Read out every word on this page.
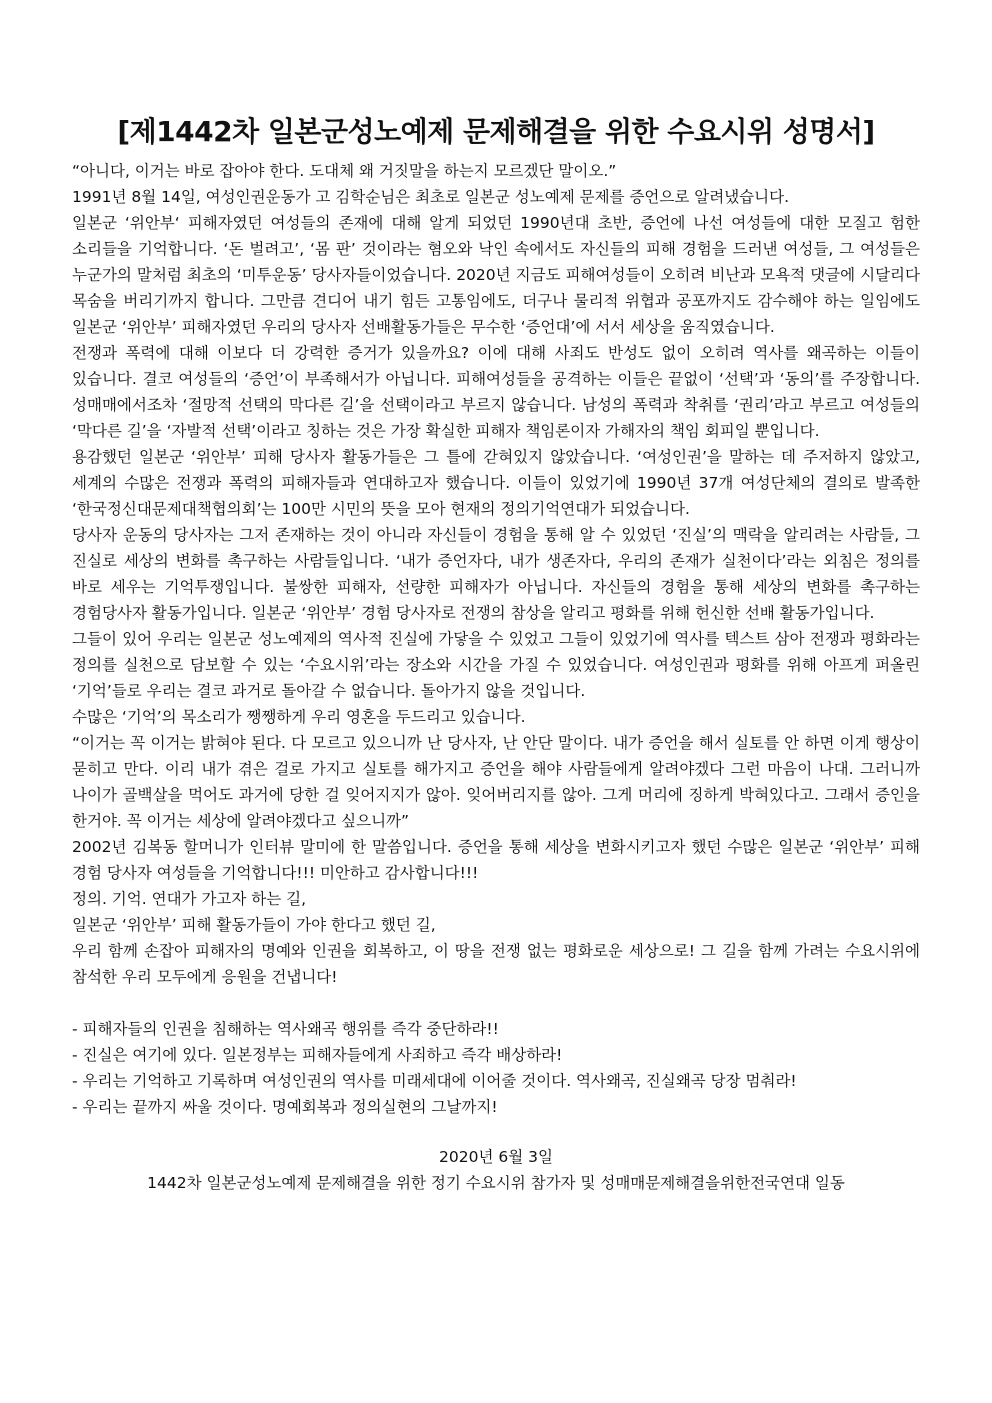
[제1442차 일본군성노예제 문제해결을 위한 수요시위 성명서]

“아니다, 이거는 바로 잡아야 한다. 도대체 왜 거짓말을 하는지 모르겠단 말이오.”

1991년 8월 14일, 여성인권운동가 고 김학순님은 최초로 일본군 성노예제 문제를 증언으로 알려냈습니다.

일본군 ‘위안부‘ 피해자였던 여성들의 존재에 대해 알게 되었던 1990년대 초반, 증언에 나선 여성들에 대한 모질고 험한 소리들을 기억합니다. ‘돈 벌려고’, ‘몸 판’ 것이라는 혐오와 낙인 속에서도 자신들의 피해 경험을 드러낸 여성들, 그 여성들은 누군가의 말처럼 최초의 ‘미투운동’ 당사자들이었습니다. 2020년 지금도 피해여성들이 오히려 비난과 모욕적 댓글에 시달리다 목숨을 버리기까지 합니다. 그만큼 견디어 내기 힘든 고통임에도, 더구나 물리적 위협과 공포까지도 감수해야 하는 일임에도 일본군 ‘위안부’ 피해자였던 우리의 당사자 선배활동가들은 무수한 ‘증언대’에 서서 세상을 움직였습니다.

전쟁과 폭력에 대해 이보다 더 강력한 증거가 있을까요? 이에 대해 사죄도 반성도 없이 오히려 역사를 왜곡하는 이들이 있습니다. 결코 여성들의 ‘증언’이 부족해서가 아닙니다. 피해여성들을 공격하는 이들은 끝없이 ‘선택’과 ‘동의’를 주장합니다. 성매매에서조차 ‘절망적 선택의 막다른 길’을 선택이라고 부르지 않습니다. 남성의 폭력과 착취를 ‘권리’라고 부르고 여성들의 ‘막다른 길’을 ‘자발적 선택’이라고 칭하는 것은 가장 확실한 피해자 책임론이자 가해자의 책임 회피일 뿐입니다.

용감했던 일본군 ‘위안부’ 피해 당사자 활동가들은 그 틀에 갇혀있지 않았습니다. ‘여성인권’을 말하는 데 주저하지 않았고, 세계의 수많은 전쟁과 폭력의 피해자들과 연대하고자 했습니다. 이들이 있었기에 1990년 37개 여성단체의 결의로 발족한 ‘한국정신대문제대책협의회’는 100만 시민의 뜻을 모아 현재의 정의기억연대가 되었습니다.

당사자 운동의 당사자는 그저 존재하는 것이 아니라 자신들이 경험을 통해 알 수 있었던 ‘진실’의 맥락을 알리려는 사람들, 그 진실로 세상의 변화를 촉구하는 사람들입니다. ‘내가 증언자다, 내가 생존자다, 우리의 존재가 실천이다’라는 외침은 정의를 바로 세우는 기억투쟁입니다. 불쌍한 피해자, 선량한 피해자가 아닙니다. 자신들의 경험을 통해 세상의 변화를 촉구하는 경험당사자 활동가입니다. 일본군 ‘위안부’ 경험 당사자로 전쟁의 참상을 알리고 평화를 위해 헌신한 선배 활동가입니다.

그들이 있어 우리는 일본군 성노예제의 역사적 진실에 가닿을 수 있었고 그들이 있었기에 역사를 텍스트 삼아 전쟁과 평화라는 정의를 실천으로 담보할 수 있는 ‘수요시위’라는 장소와 시간을 가질 수 있었습니다. 여성인권과 평화를 위해 아프게 퍼올린 ‘기억’들로 우리는 결코 과거로 돌아갈 수 없습니다. 돌아가지 않을 것입니다.

수많은 ‘기억’의 목소리가 쨍쨍하게 우리 영혼을 두드리고 있습니다.

“이거는 꼭 이거는 밝혀야 된다. 다 모르고 있으니까 난 당사자, 난 안단 말이다. 내가 증언을 해서 실토를 안 하면 이게 행상이 묻히고 만다. 이리 내가 겪은 걸로 가지고 실토를 해가지고 증언을 해야 사람들에게 알려야겠다 그런 마음이 나대. 그러니까 나이가 골백살을 먹어도 과거에 당한 걸 잊어지지가 않아. 잊어버리지를 않아. 그게 머리에 징하게 박혀있다고. 그래서 증인을 한거야. 꼭 이거는 세상에 알려야겠다고 싶으니까”

2002년 김복동 할머니가 인터뷰 말미에 한 말씀입니다. 증언을 통해 세상을 변화시키고자 했던 수많은 일본군 ‘위안부’ 피해 경험 당사자 여성들을 기억합니다!!! 미안하고 감사합니다!!!

정의. 기억. 연대가 가고자 하는 길,

일본군 ‘위안부’ 피해 활동가들이 가야 한다고 했던 길,

우리 함께 손잡아 피해자의 명예와 인권을 회복하고, 이 땅을 전쟁 없는 평화로운 세상으로! 그 길을 함께 가려는 수요시위에 참석한 우리 모두에게 응원을 건냅니다!

- 피해자들의 인권을 침해하는 역사왜곡 행위를 즉각 중단하라!!

- 진실은 여기에 있다. 일본정부는 피해자들에게 사죄하고 즉각 배상하라!

- 우리는 기억하고 기록하며 여성인권의 역사를 미래세대에 이어줄 것이다. 역사왜곡, 진실왜곡 당장 멈춰라!

- 우리는 끝까지 싸울 것이다. 명예회복과 정의실현의 그날까지!

2020년 6월 3일

1442차 일본군성노예제 문제해결을 위한 정기 수요시위 참가자 및 성매매문제해결을위한전국연대 일동
